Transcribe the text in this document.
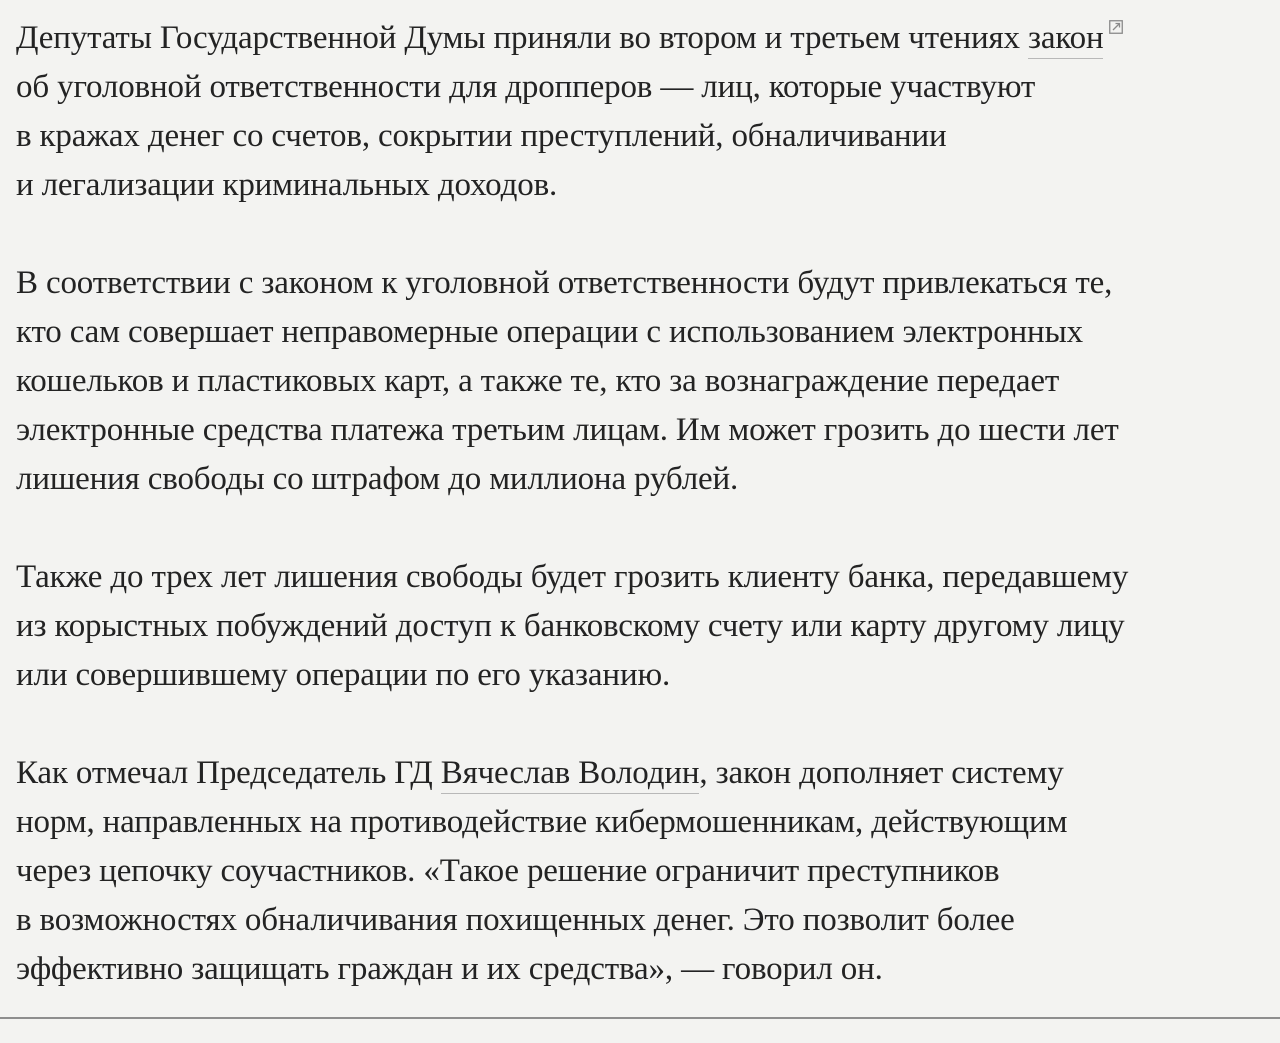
Депутаты Государственной Думы приняли во втором и третьем чтениях закон
об уголовной ответственности для дропперов — лиц, которые участвуют
в кражах денег со счетов, сокрытии преступлений, обналичивании
и легализации криминальных доходов.

В соответствии с законом к уголовной ответственности будут привлекаться те,
кто сам совершает неправомерные операции с использованием электронных
кошельков и пластиковых карт, а также те, кто за вознаграждение передает
электронные средства платежа третьим лицам. Им может грозить до шести лет
лишения свободы со штрафом до миллиона рублей.

Также до трех лет лишения свободы будет грозить клиенту банка, передавшему
из корыстных побуждений доступ к банковскому счету или карту другому лицу
или совершившему операции по его указанию.

Как отмечал Председатель ГД Вячеслав Володин, закон дополняет систему
норм, направленных на противодействие кибермошенникам, действующим
через цепочку соучастников. «Такое решение ограничит преступников
в возможностях обналичивания похищенных денег. Это позволит более
эффективно защищать граждан и их средства», — говорил он.
